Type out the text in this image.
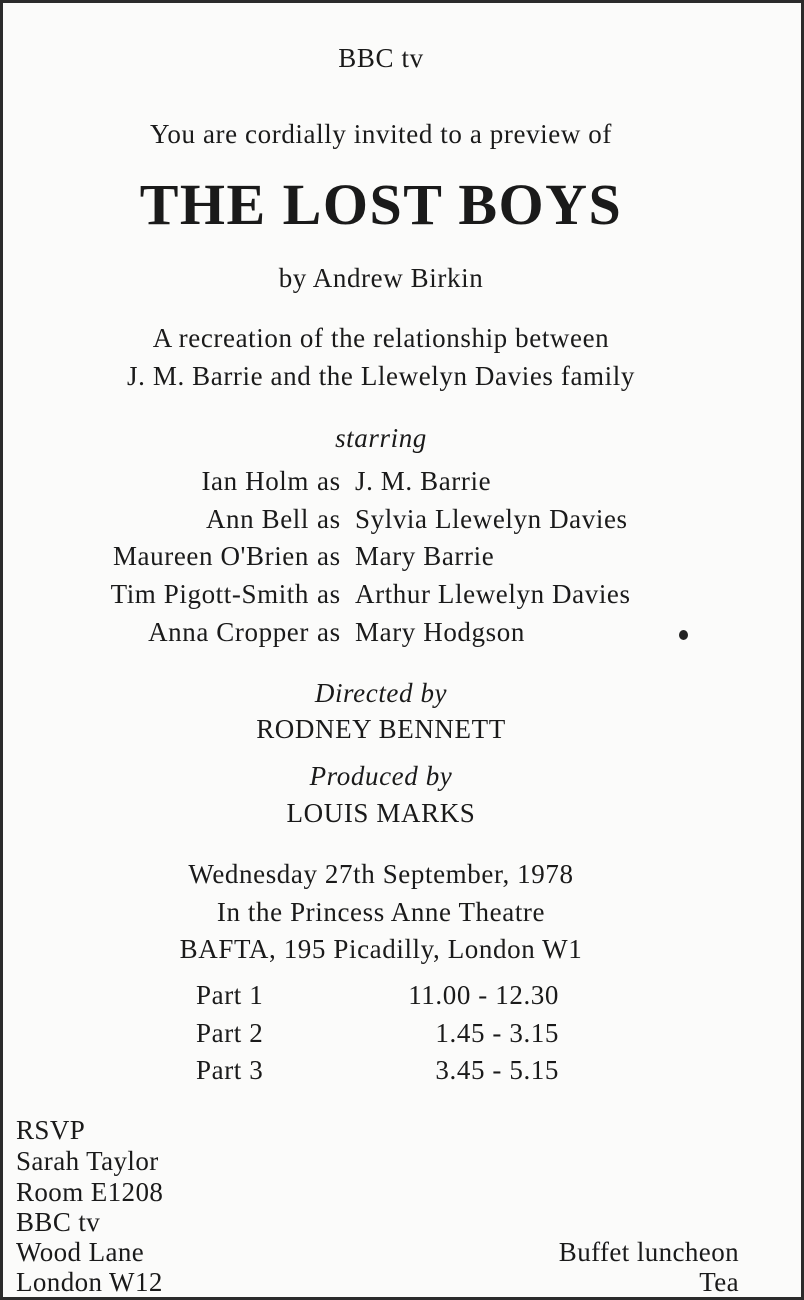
BBC tv
You are cordially invited to a preview of
THE LOST BOYS
by Andrew Birkin
A recreation of the relationship between
J. M. Barrie and the Llewelyn Davies family
starring
Ian Holm as J. M. Barrie
Ann Bell as Sylvia Llewelyn Davies
Maureen O'Brien as Mary Barrie
Tim Pigott-Smith as Arthur Llewelyn Davies
Anna Cropper as Mary Hodgson
Directed by
RODNEY BENNETT
Produced by
LOUIS MARKS
Wednesday 27th September, 1978
In the Princess Anne Theatre
BAFTA, 195 Picadilly, London W1
Part 1	11.00 - 12.30
Part 2	1.45 - 3.15
Part 3	3.45 - 5.15
RSVP
Sarah Taylor
Room E1208
BBC tv
Wood Lane
London W12
Buffet luncheon
Tea
